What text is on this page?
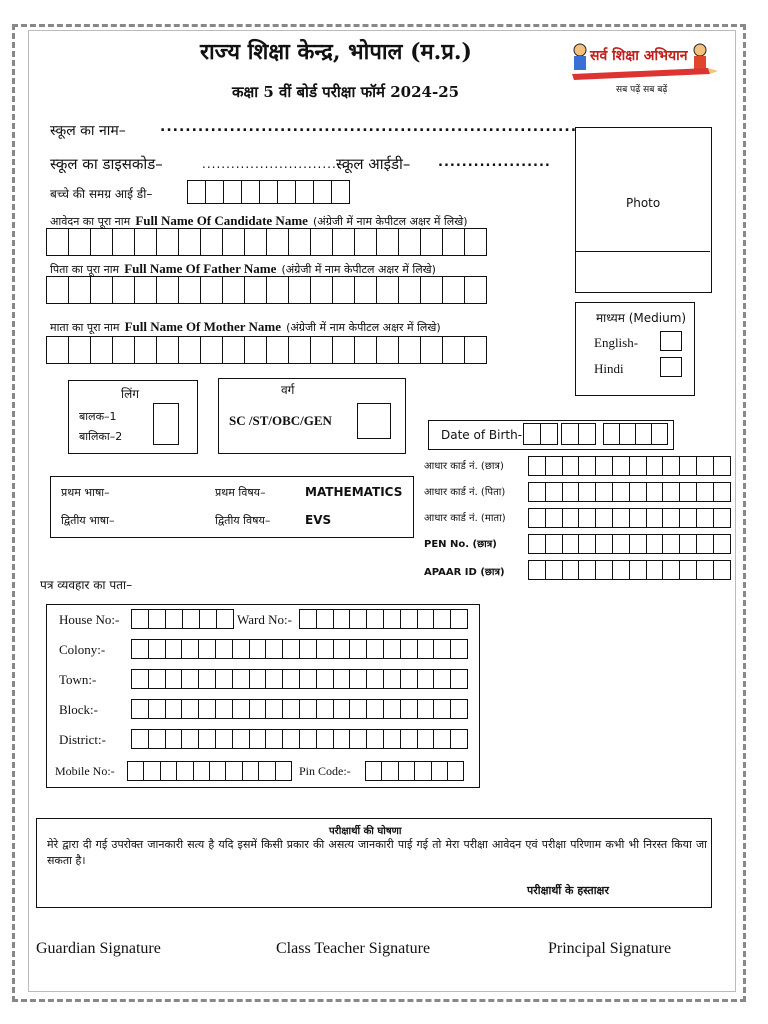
राज्य शिक्षा केन्द्र, भोपाल (म.प्र.)
कक्षा 5 वीं बोर्ड परीक्षा फॉर्म 2024-25
सर्व शिक्षा अभियान
सब पढ़ें सब बढ़ें
स्कूल का नाम– ..................................................................
स्कूल का डाइसकोड–	...............................
स्कूल आईडी– ...................
बच्चे की समग्र आई डी–
Photo
आवेदन का पूरा नाम Full Name Of Candidate Name (अंग्रेजी में नाम केपीटल अक्षर में लिखे)
पिता का पूरा नाम Full Name Of Father Name (अंग्रेजी में नाम केपीटल अक्षर में लिखे)
माता का पूरा नाम Full Name Of Mother Name (अंग्रेजी में नाम केपीटल अक्षर में लिखे)
माध्यम (Medium)
English-
Hindi
लिंग
बालक–1
बालिका–2
वर्ग
SC /ST/OBC/GEN
Date of Birth-
प्रथम भाषा–
द्वितीय भाषा–
प्रथम विषय–	MATHEMATICS
द्वितीय विषय–	EVS
आधार कार्ड नं. (छात्र)
आधार कार्ड नं. (पिता)
आधार कार्ड नं. (माता)
PEN No. (छात्र)
APAAR ID (छात्र)
पत्र व्यवहार का पता–
House No:-	Ward No:-
Colony:-
Town:-
Block:-
District:-
Mobile No:-	Pin Code:-
परीक्षार्थी की घोषणा
मेरे द्वारा दी गई उपरोक्त जानकारी सत्य है यदि इसमें किसी प्रकार की असत्य जानकारी पाई गई तो मेरा परीक्षा आवेदन एवं परीक्षा परिणाम कभी भी निरस्त किया जा सकता है।
परीक्षार्थी के हस्ताक्षर
Guardian Signature	Class Teacher Signature	Principal Signature
